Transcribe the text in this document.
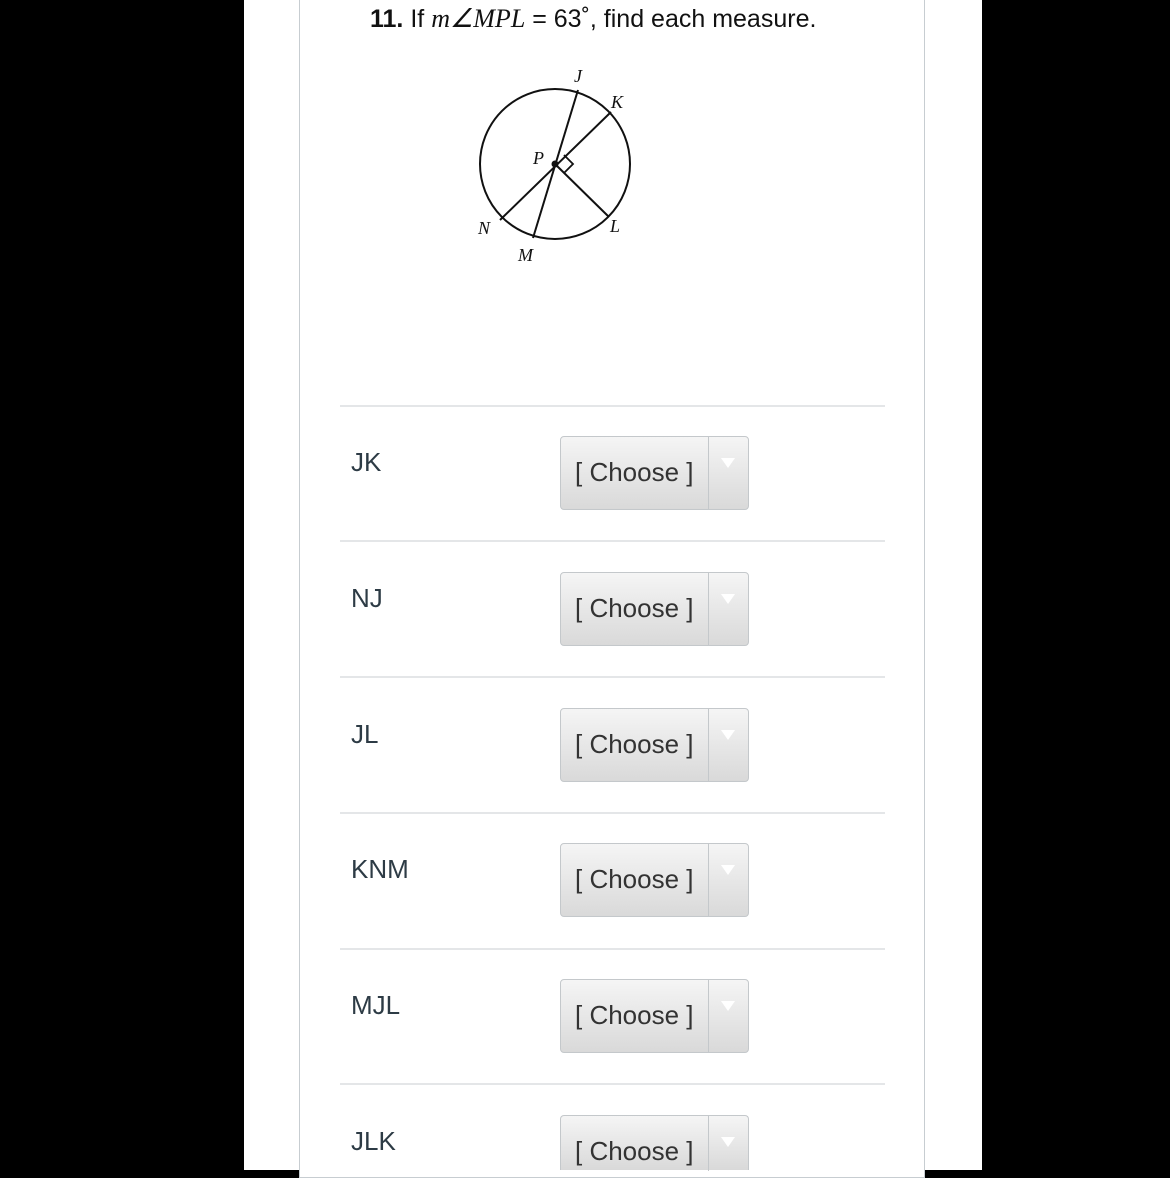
11. If m∠MPL = 63˚, find each measure.
J
K
P
N
M
L
JK	[ Choose ]
NJ	[ Choose ]
JL	[ Choose ]
KNM	[ Choose ]
MJL	[ Choose ]
JLK	[ Choose ]
